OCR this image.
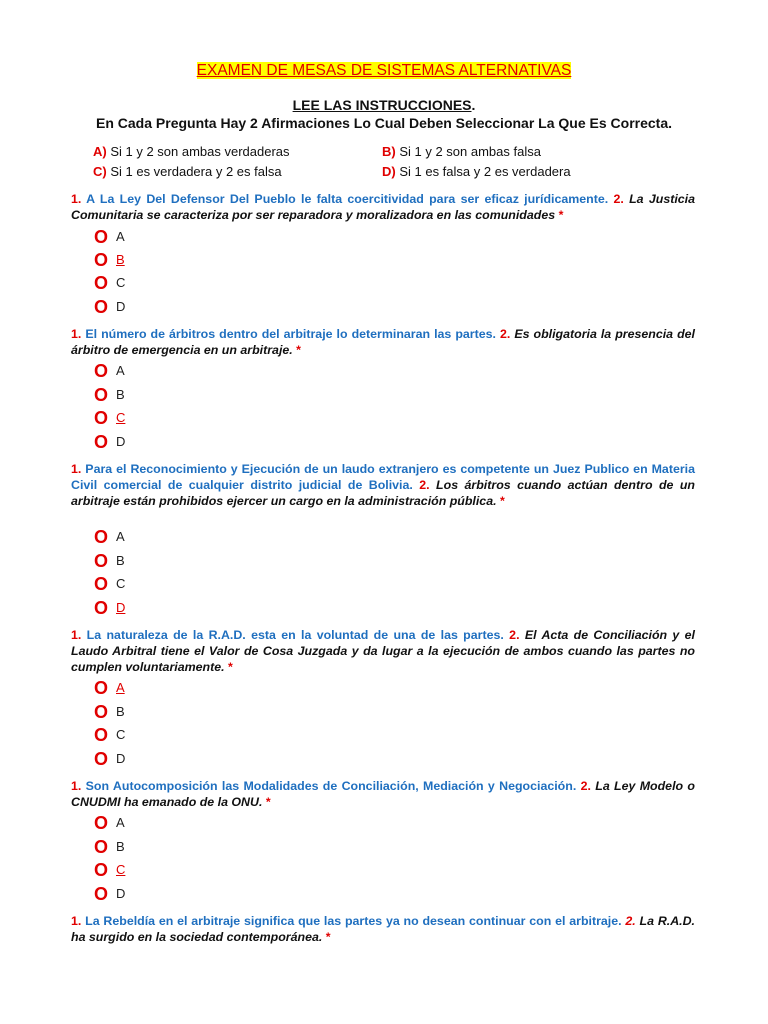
EXAMEN DE MESAS DE SISTEMAS ALTERNATIVAS
LEE LAS INSTRUCCIONES.
En Cada Pregunta Hay 2 Afirmaciones Lo Cual Deben Seleccionar La Que Es Correcta.
A) Si 1 y 2 son ambas verdaderas	B) Si 1 y 2 son ambas falsa
C) Si 1 es verdadera y 2 es falsa	D) Si 1 es falsa y 2 es verdadera
1. A La Ley Del Defensor Del Pueblo le falta coercitividad para ser eficaz jurídicamente. 2. La Justicia Comunitaria se caracteriza por ser reparadora y moralizadora en las comunidades *
O A
O B
O C
O D
1. El número de árbitros dentro del arbitraje lo determinaran las partes. 2. Es obligatoria la presencia del árbitro de emergencia en un arbitraje. *
O A
O B
O C
O D
1. Para el Reconocimiento y Ejecución de un laudo extranjero es competente un Juez Publico en Materia Civil comercial de cualquier distrito judicial de Bolivia. 2. Los árbitros cuando actúan dentro de un arbitraje están prohibidos ejercer un cargo en la administración pública. *
O A
O B
O C
O D
1. La naturaleza de la R.A.D. esta en la voluntad de una de las partes. 2. El Acta de Conciliación y el Laudo Arbitral tiene el Valor de Cosa Juzgada y da lugar a la ejecución de ambos cuando las partes no cumplen voluntariamente. *
O A
O B
O C
O D
1. Son Autocomposición las Modalidades de Conciliación, Mediación y Negociación. 2. La Ley Modelo o CNUDMI ha emanado de la ONU. *
O A
O B
O C
O D
1. La Rebeldía en el arbitraje significa que las partes ya no desean continuar con el arbitraje. 2. La R.A.D. ha surgido en la sociedad contemporánea. *
